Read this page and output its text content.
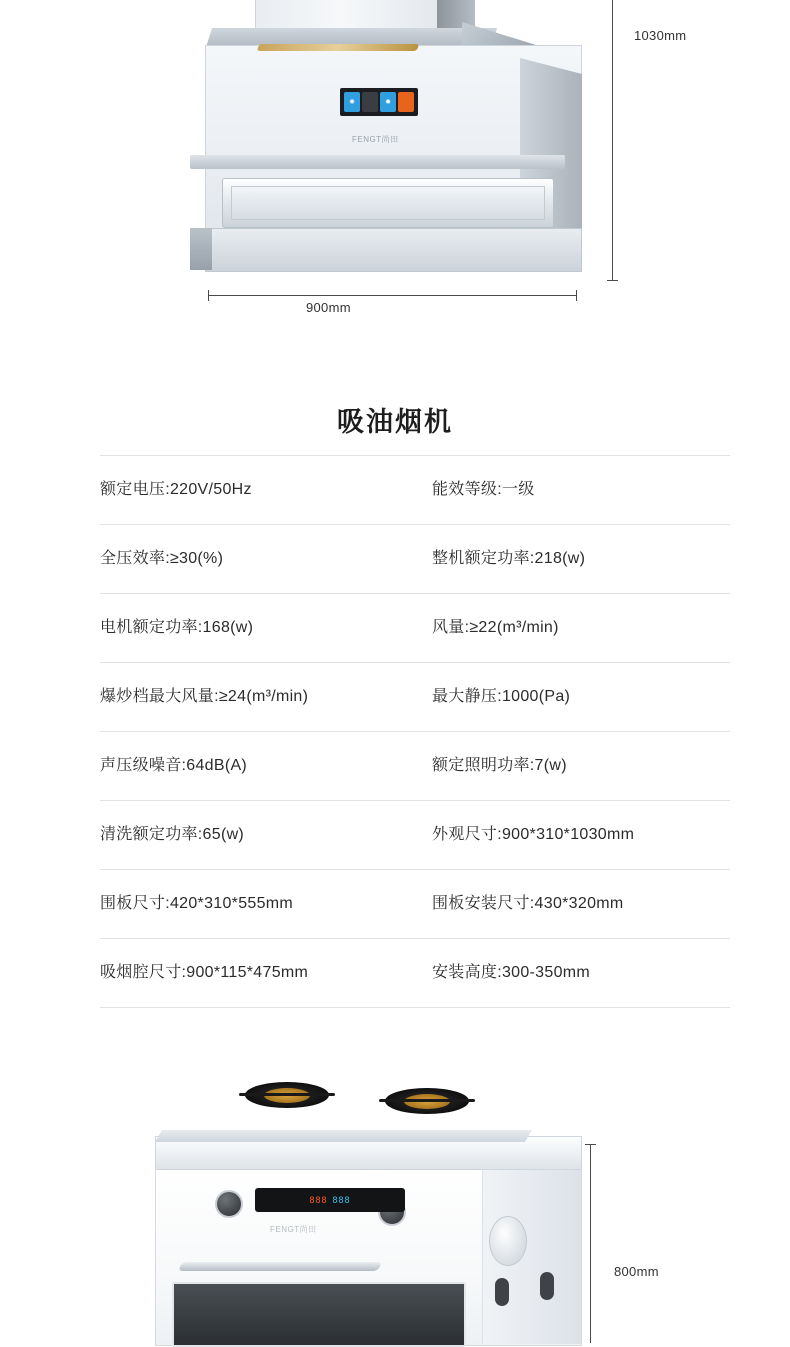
✹	✹
FENGT尚田
900mm
1030mm
吸油烟机
额定电压:220V/50Hz	能效等级:一级
全压效率:≥30(%)	整机额定功率:218(w)
电机额定功率:168(w)	风量:≥22(m³/min)
爆炒档最大风量:≥24(m³/min)	最大静压:1000(Pa)
声压级噪音:64dB(A)	额定照明功率:7(w)
清洗额定功率:65(w)	外观尺寸:900*310*1030mm
围板尺寸:420*310*555mm	围板安装尺寸:430*320mm
吸烟腔尺寸:900*115*475mm	安装高度:300-350mm
888 888
FENGT尚田
800mm
